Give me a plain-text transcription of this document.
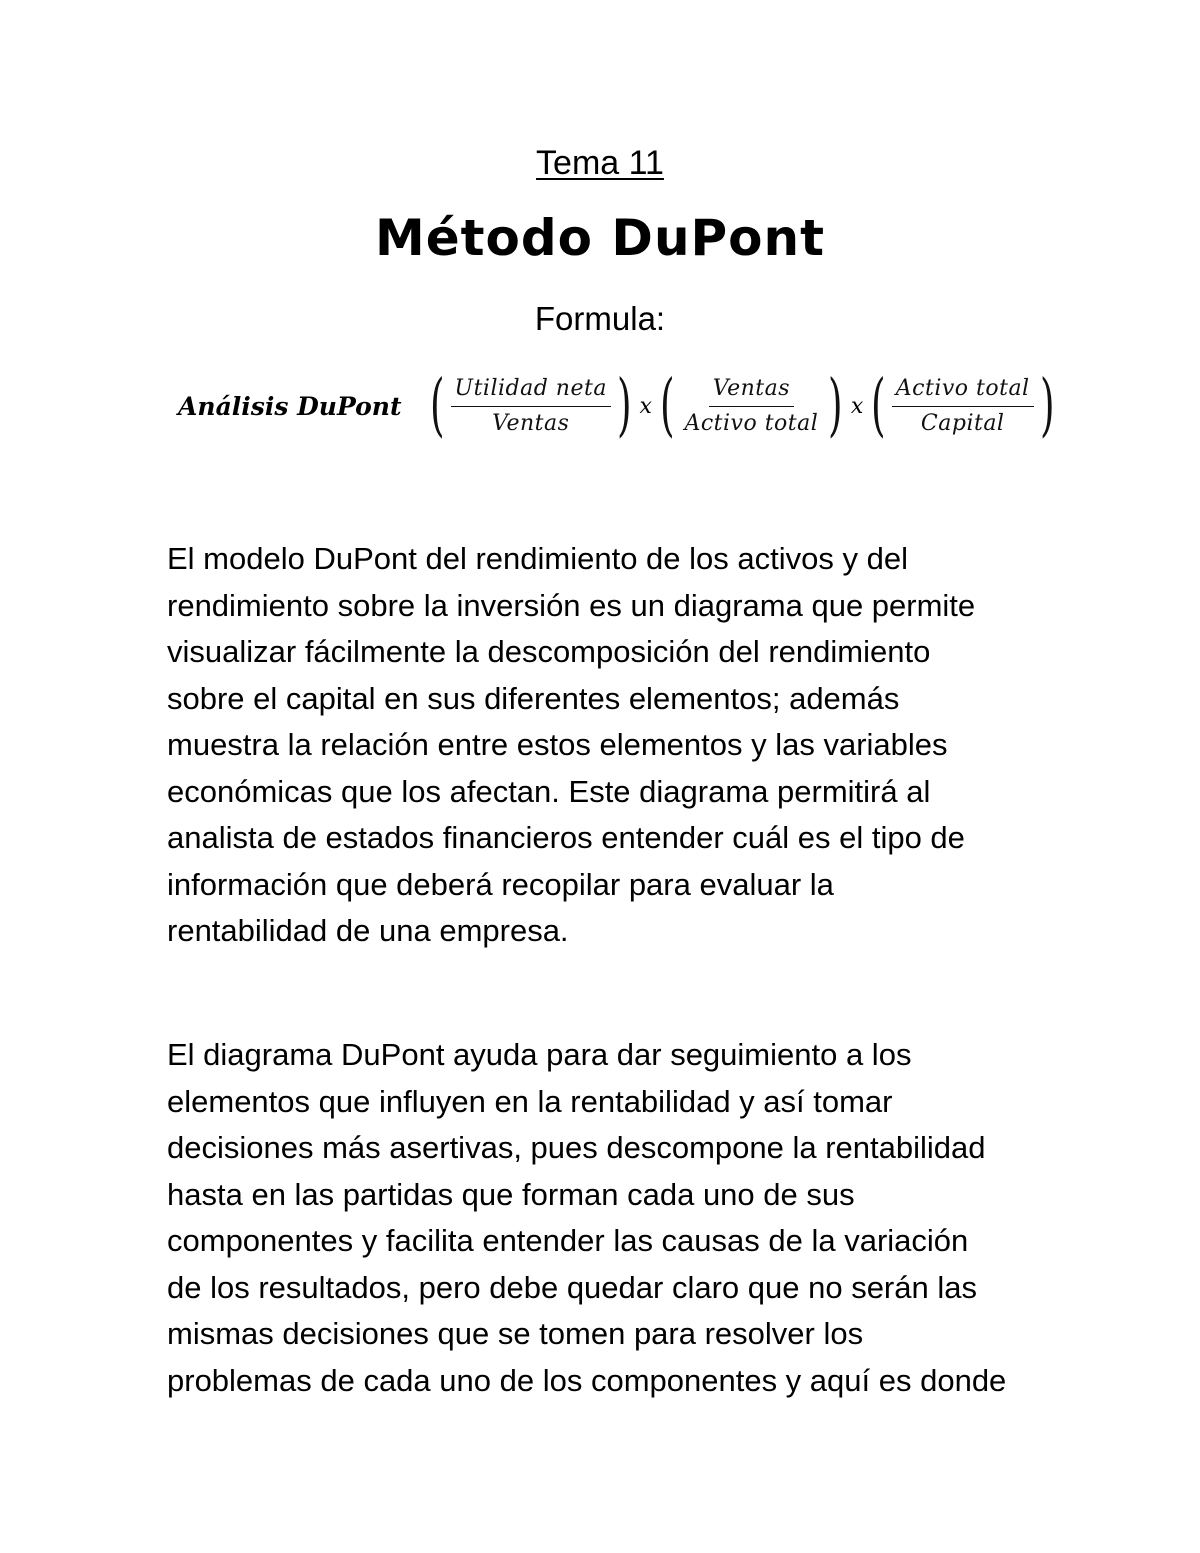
Tema 11
Método DuPont
Formula:
Análisis DuPont ( $\frac{\text{Utilidad neta}}{\text{Ventas}}$ ) x ( $\frac{\text{Ventas}}{\text{Activo total}}$ ) x ( $\frac{\text{Activo total}}{\text{Capital}}$ )

El modelo DuPont del rendimiento de los activos y del
rendimiento sobre la inversión es un diagrama que permite
visualizar fácilmente la descomposición del rendimiento
sobre el capital en sus diferentes elementos; además
muestra la relación entre estos elementos y las variables
económicas que los afectan. Este diagrama permitirá al
analista de estados financieros entender cuál es el tipo de
información que deberá recopilar para evaluar la
rentabilidad de una empresa.

El diagrama DuPont ayuda para dar seguimiento a los
elementos que influyen en la rentabilidad y así tomar
decisiones más asertivas, pues descompone la rentabilidad
hasta en las partidas que forman cada uno de sus
componentes y facilita entender las causas de la variación
de los resultados, pero debe quedar claro que no serán las
mismas decisiones que se tomen para resolver los
problemas de cada uno de los componentes y aquí es donde
